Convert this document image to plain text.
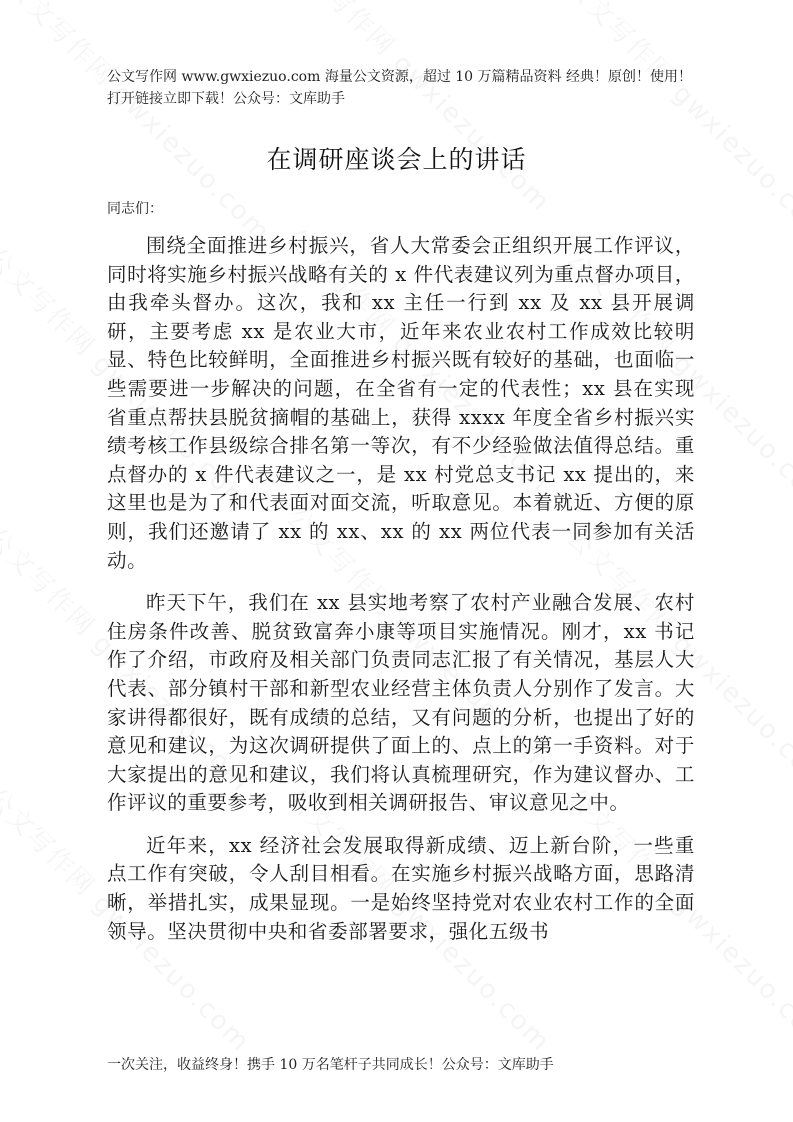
公文写作网 www.gwxiezuo.com 海量公文资源，超过 10 万篇精品资料 经典！原创！使用！打开链接立即下载！公众号：文库助手
在调研座谈会上的讲话
同志们：

围绕全面推进乡村振兴，省人大常委会正组织开展工作评议，同时将实施乡村振兴战略有关的 x 件代表建议列为重点督办项目，由我牵头督办。这次，我和 xx 主任一行到 xx 及 xx 县开展调研，主要考虑 xx 是农业大市，近年来农业农村工作成效比较明显、特色比较鲜明，全面推进乡村振兴既有较好的基础，也面临一些需要进一步解决的问题，在全省有一定的代表性；xx 县在实现省重点帮扶县脱贫摘帽的基础上，获得 xxxx 年度全省乡村振兴实绩考核工作县级综合排名第一等次，有不少经验做法值得总结。重点督办的 x 件代表建议之一，是 xx 村党总支书记 xx 提出的，来这里也是为了和代表面对面交流，听取意见。本着就近、方便的原则，我们还邀请了 xx 的 xx、xx 的 xx 两位代表一同参加有关活动。

昨天下午，我们在 xx 县实地考察了农村产业融合发展、农村住房条件改善、脱贫致富奔小康等项目实施情况。刚才，xx 书记作了介绍，市政府及相关部门负责同志汇报了有关情况，基层人大代表、部分镇村干部和新型农业经营主体负责人分别作了发言。大家讲得都很好，既有成绩的总结，又有问题的分析，也提出了好的意见和建议，为这次调研提供了面上的、点上的第一手资料。对于大家提出的意见和建议，我们将认真梳理研究，作为建议督办、工作评议的重要参考，吸收到相关调研报告、审议意见之中。

近年来，xx 经济社会发展取得新成绩、迈上新台阶，一些重点工作有突破，令人刮目相看。在实施乡村振兴战略方面，思路清晰，举措扎实，成果显现。一是始终坚持党对农业农村工作的全面领导。坚决贯彻中央和省委部署要求，强化五级书

一次关注，收益终身！携手 10 万名笔杆子共同成长！公众号：文库助手
